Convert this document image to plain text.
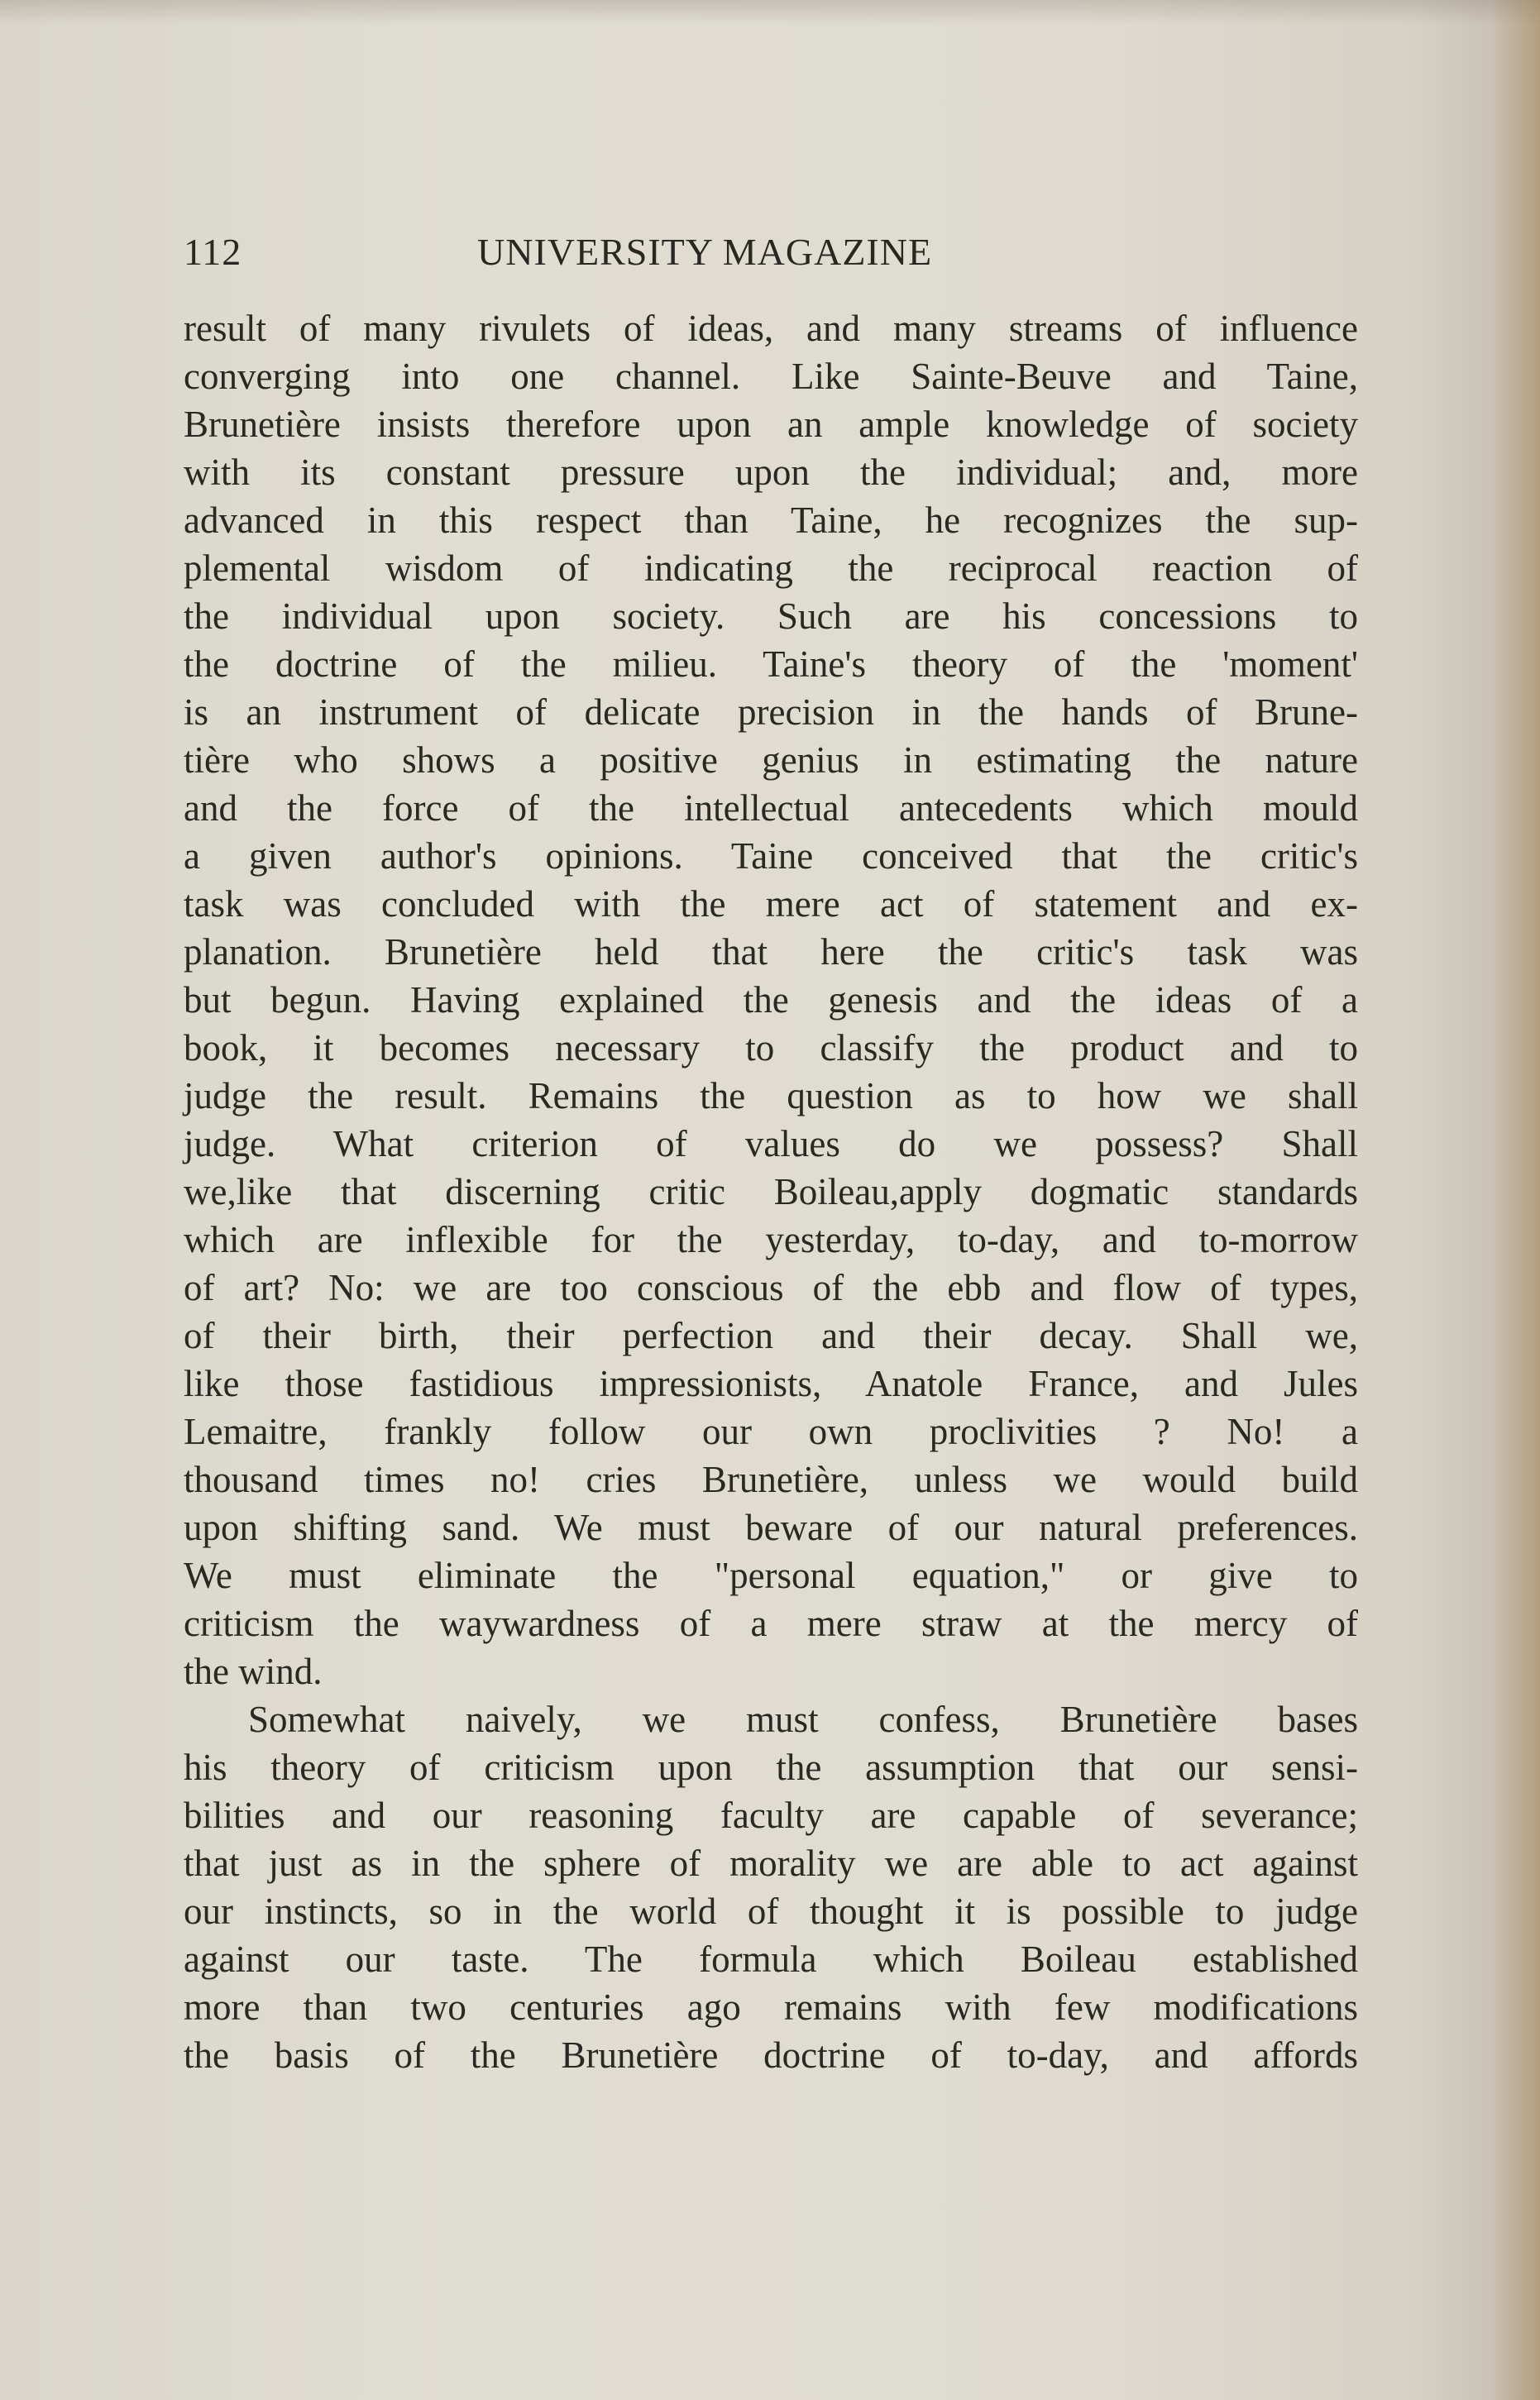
112	UNIVERSITY MAGAZINE
result of many rivulets of ideas, and many streams of influence
converging into one channel. Like Sainte-Beuve and Taine,
Brunetière insists therefore upon an ample knowledge of society
with its constant pressure upon the individual; and, more
advanced in this respect than Taine, he recognizes the sup-
plemental wisdom of indicating the reciprocal reaction of
the individual upon society. Such are his concessions to
the doctrine of the milieu. Taine's theory of the 'moment'
is an instrument of delicate precision in the hands of Brune-
tière who shows a positive genius in estimating the nature
and the force of the intellectual antecedents which mould
a given author's opinions. Taine conceived that the critic's
task was concluded with the mere act of statement and ex-
planation. Brunetière held that here the critic's task was
but begun. Having explained the genesis and the ideas of a
book, it becomes necessary to classify the product and to
judge the result. Remains the question as to how we shall
judge. What criterion of values do we possess? Shall
we,like that discerning critic Boileau,apply dogmatic standards
which are inflexible for the yesterday, to-day, and to-morrow
of art? No: we are too conscious of the ebb and flow of types,
of their birth, their perfection and their decay. Shall we,
like those fastidious impressionists, Anatole France, and Jules
Lemaitre, frankly follow our own proclivities ? No! a
thousand times no! cries Brunetière, unless we would build
upon shifting sand. We must beware of our natural preferences.
We must eliminate the "personal equation," or give to
criticism the waywardness of a mere straw at the mercy of
the wind.
Somewhat naively, we must confess, Brunetière bases
his theory of criticism upon the assumption that our sensi-
bilities and our reasoning faculty are capable of severance;
that just as in the sphere of morality we are able to act against
our instincts, so in the world of thought it is possible to judge
against our taste. The formula which Boileau established
more than two centuries ago remains with few modifications
the basis of the Brunetière doctrine of to-day, and affords
